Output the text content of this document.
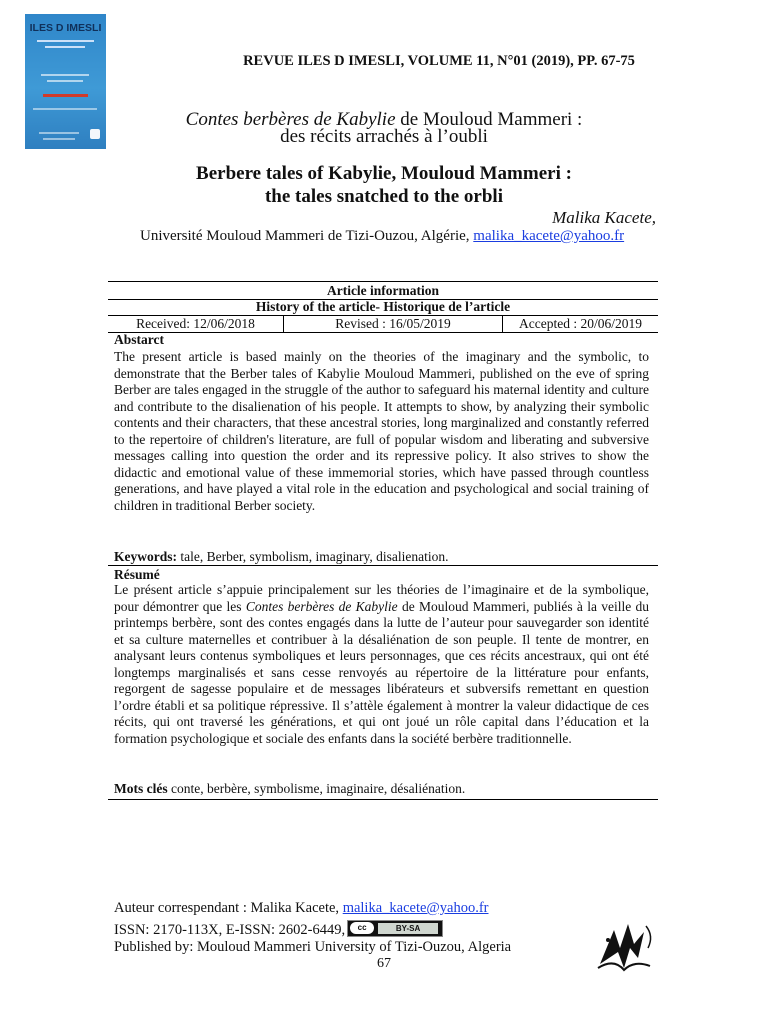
ILES D IMESLI
REVUE ILES D IMESLI, VOLUME 11, N°01 (2019), PP. 67-75
Contes berbères de Kabylie de Mouloud Mammeri :
des récits arrachés à l’oubli
Berbere tales of Kabylie, Mouloud Mammeri :
the tales snatched to the orbli
Malika Kacete,
Université Mouloud Mammeri de Tizi-Ouzou, Algérie, malika_kacete@yahoo.fr
Article information
History of the article- Historique de l’article
Received: 12/06/2018	Revised : 16/05/2019	Accepted : 20/06/2019
Abstarct
The present article is based mainly on the theories of the imaginary and the symbolic, to demonstrate that the Berber tales of Kabylie Mouloud Mammeri, published on the eve of spring Berber are tales engaged in the struggle of the author to safeguard his maternal identity and culture and contribute to the disalienation of his people. It attempts to show, by analyzing their symbolic contents and their characters, that these ancestral stories, long marginalized and constantly referred to the repertoire of children's literature, are full of popular wisdom and liberating and subversive messages calling into question the order and its repressive policy. It also strives to show the didactic and emotional value of these immemorial stories, which have passed through countless generations, and have played a vital role in the education and psychological and social training of children in traditional Berber society.
Keywords: tale, Berber, symbolism, imaginary, disalienation.
Résumé
Le présent article s’appuie principalement sur les théories de l’imaginaire et de la symbolique, pour démontrer que les Contes berbères de Kabylie de Mouloud Mammeri, publiés à la veille du printemps berbère, sont des contes engagés dans la lutte de l’auteur pour sauvegarder son identité et sa culture maternelles et contribuer à la désaliénation de son peuple. Il tente de montrer, en analysant leurs contenus symboliques et leurs personnages, que ces récits ancestraux, qui ont été longtemps marginalisés et sans cesse renvoyés au répertoire de la littérature pour enfants, regorgent de sagesse populaire et de messages libérateurs et subversifs remettant en question l’ordre établi et sa politique répressive. Il s’attèle également à montrer la valeur didactique de ces récits, qui ont traversé les générations, et qui ont joué un rôle capital dans l’éducation et la formation psychologique et sociale des enfants dans la société berbère traditionnelle.
Mots clés conte, berbère, symbolisme, imaginaire, désaliénation.
Auteur correspendant : Malika Kacete, malika_kacete@yahoo.fr
ISSN: 2170-113X, E-ISSN: 2602-6449,	cc	BY-SA
Published by: Mouloud Mammeri University of Tizi-Ouzou, Algeria
67
